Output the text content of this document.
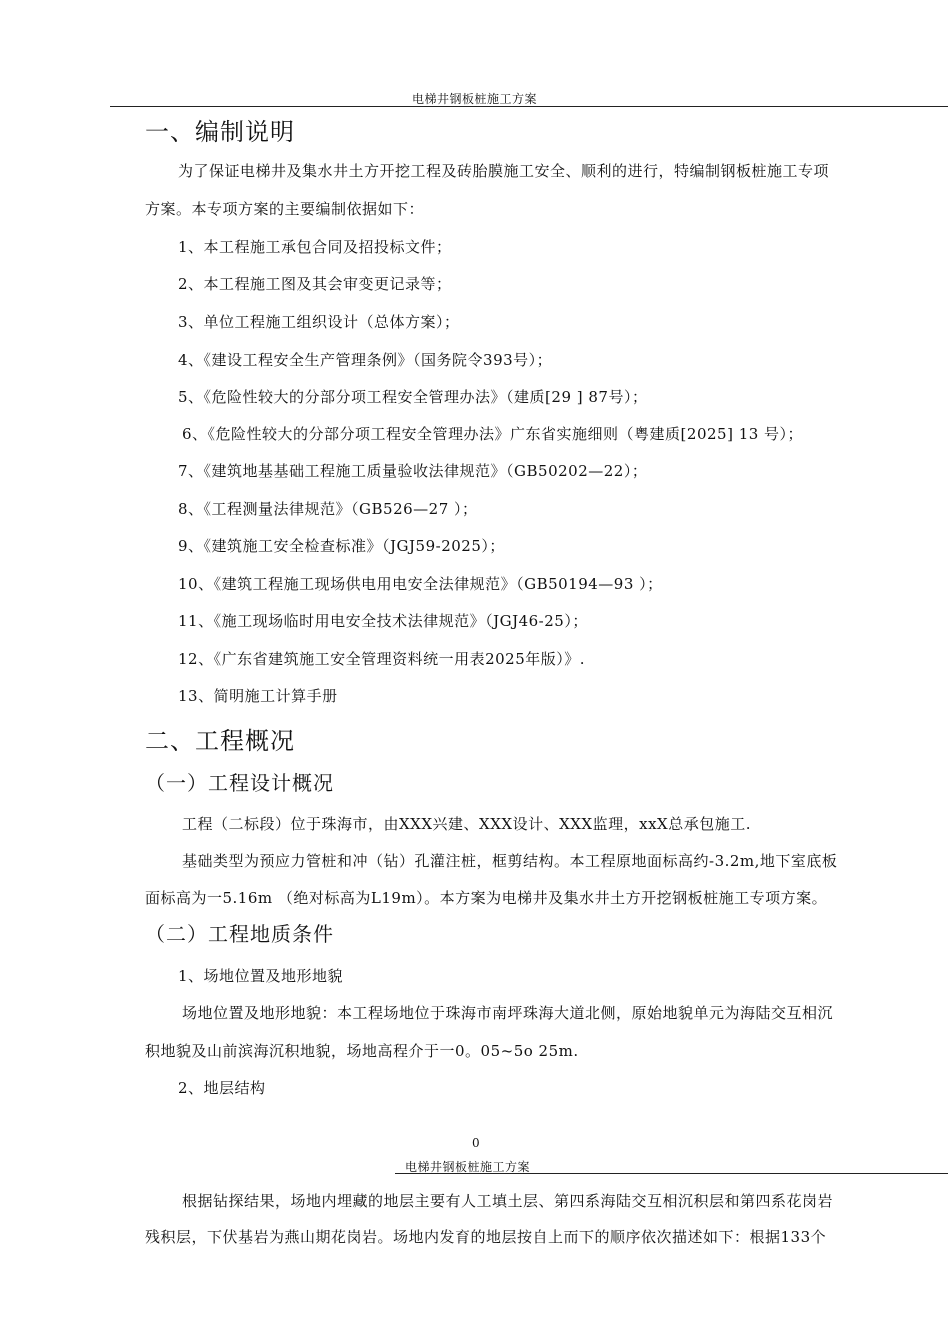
电梯井钢板桩施工方案
一、编制说明
为了保证电梯井及集水井土方开挖工程及砖胎膜施工安全、顺利的进行，特编制钢板桩施工专项
方案。本专项方案的主要编制依据如下：
1、本工程施工承包合同及招投标文件；
2、本工程施工图及其会审变更记录等；
3、单位工程施工组织设计（总体方案）；
4、《建设工程安全生产管理条例》（国务院令393号）；
5、《危险性较大的分部分项工程安全管理办法》（建质[29 ] 87号）；
6、《危险性较大的分部分项工程安全管理办法》广东省实施细则（粤建质[2025] 13 号）；
7、《建筑地基基础工程施工质量验收法律规范》（GB50202—22）；
8、《工程测量法律规范》（GB526—27 ）；
9、《建筑施工安全检查标准》（JGJ59-2025）；
10、《建筑工程施工现场供电用电安全法律规范》（GB50194—93 ）；
11、《施工现场临时用电安全技术法律规范》（JGJ46-25）；
12、《广东省建筑施工安全管理资料统一用表2025年版）》.
13、简明施工计算手册
二、工程概况
（一）工程设计概况
工程（二标段）位于珠海市，由XXX兴建、XXX设计、XXX监理，xxX总承包施工.
基础类型为预应力管桩和冲（钻）孔灌注桩，框剪结构。本工程原地面标高约-3.2m,地下室底板
面标高为一5.16m （绝对标高为L19m）。本方案为电梯井及集水井土方开挖钢板桩施工专项方案。
（二）工程地质条件
1、场地位置及地形地貌
场地位置及地形地貌：本工程场地位于珠海市南坪珠海大道北侧，原始地貌单元为海陆交互相沉
积地貌及山前滨海沉积地貌，场地高程介于一0。05~5o 25m.
2、地层结构
0
电梯井钢板桩施工方案
根据钻探结果，场地内埋藏的地层主要有人工填土层、第四系海陆交互相沉积层和第四系花岗岩
残积层，下伏基岩为燕山期花岗岩。场地内发育的地层按自上而下的顺序依次描述如下：根据133个
